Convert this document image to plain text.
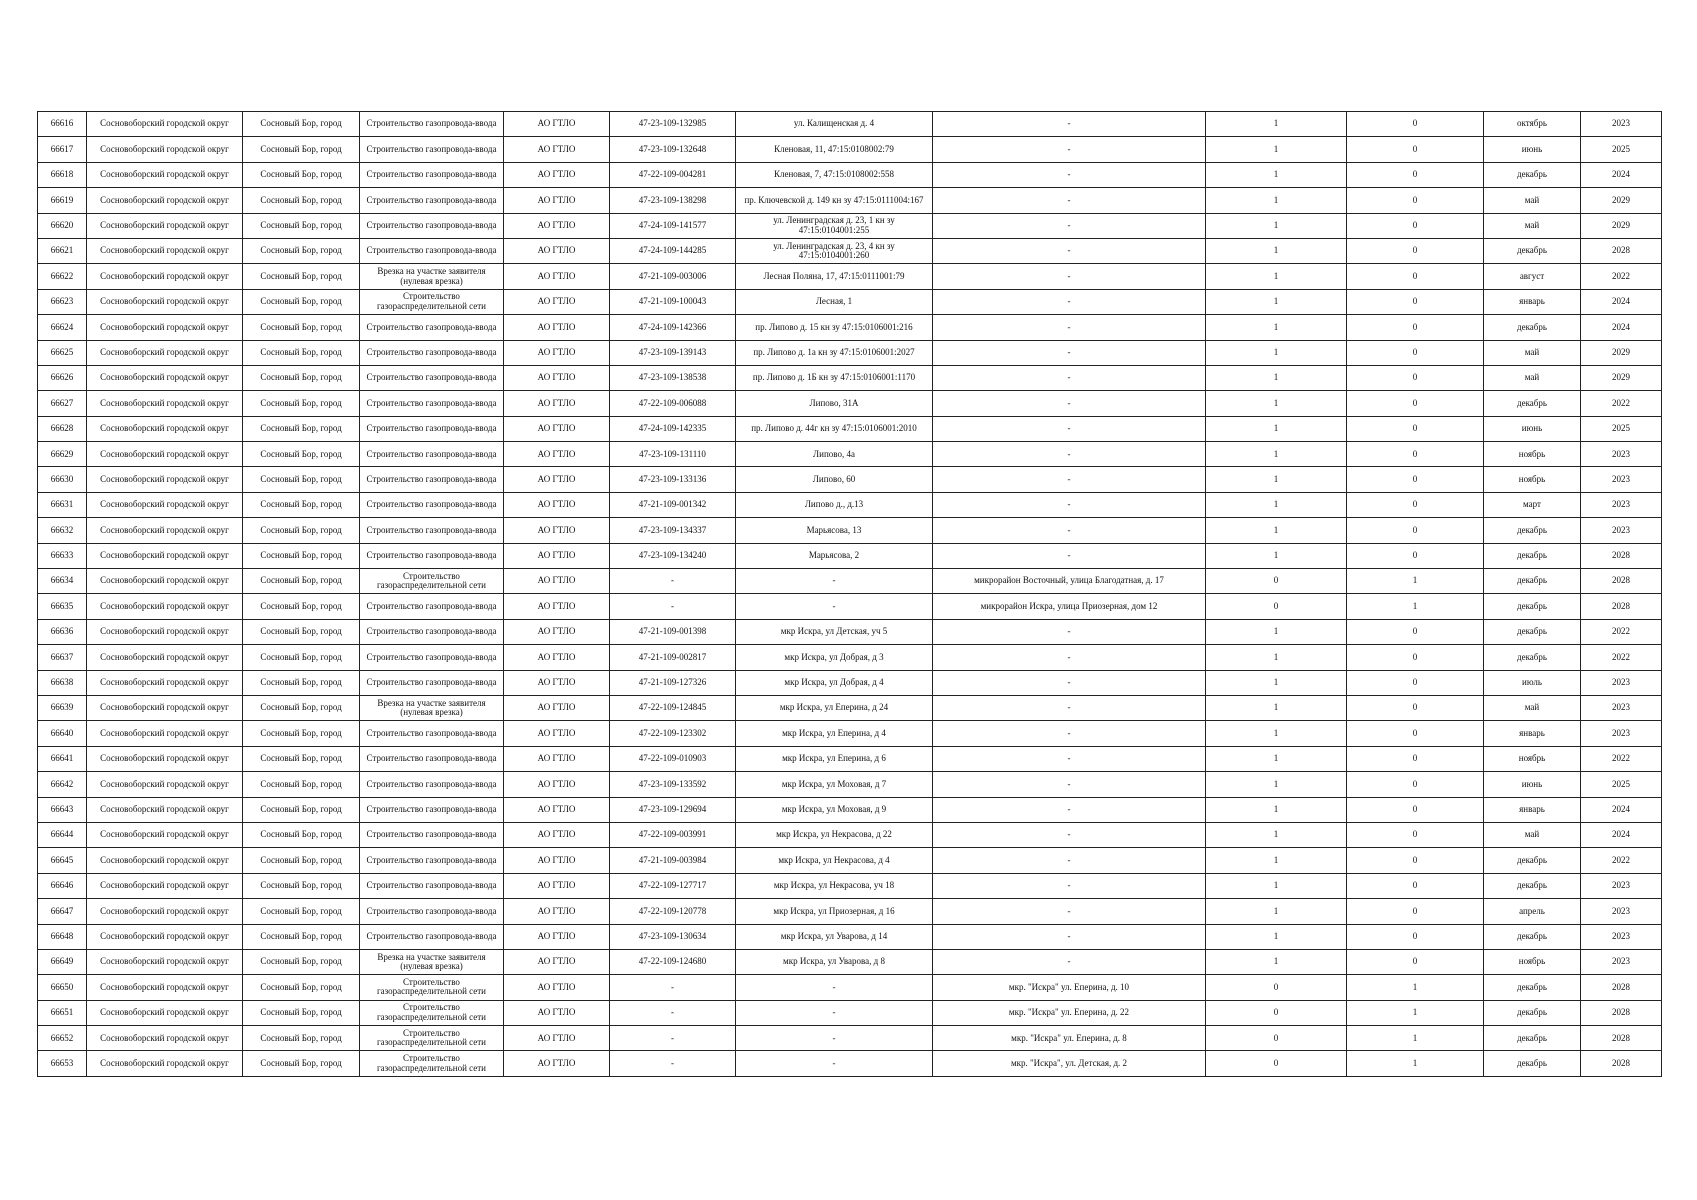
66616	Сосновоборский городской округ	Сосновый Бор, город	Строительство газопровода-ввода	АО ГТЛО	47-23-109-132985	ул. Калищенская д. 4	-	1	0	октябрь	2023
66617	Сосновоборский городской округ	Сосновый Бор, город	Строительство газопровода-ввода	АО ГТЛО	47-23-109-132648	Кленовая, 11, 47:15:0108002:79	-	1	0	июнь	2025
66618	Сосновоборский городской округ	Сосновый Бор, город	Строительство газопровода-ввода	АО ГТЛО	47-22-109-004281	Кленовая, 7, 47:15:0108002:558	-	1	0	декабрь	2024
66619	Сосновоборский городской округ	Сосновый Бор, город	Строительство газопровода-ввода	АО ГТЛО	47-23-109-138298	пр. Ключевской д. 149 кн зу 47:15:0111004:167	-	1	0	май	2029
66620	Сосновоборский городской округ	Сосновый Бор, город	Строительство газопровода-ввода	АО ГТЛО	47-24-109-141577	ул. Ленинградская д. 23, 1 кн зу 47:15:0104001:255	-	1	0	май	2029
66621	Сосновоборский городской округ	Сосновый Бор, город	Строительство газопровода-ввода	АО ГТЛО	47-24-109-144285	ул. Ленинградская д. 23, 4 кн зу 47:15:0104001:260	-	1	0	декабрь	2028
66622	Сосновоборский городской округ	Сосновый Бор, город	Врезка на участке заявителя (нулевая врезка)	АО ГТЛО	47-21-109-003006	Лесная Поляна, 17, 47:15:0111001:79	-	1	0	август	2022
66623	Сосновоборский городской округ	Сосновый Бор, город	Строительство газораспределительной сети	АО ГТЛО	47-21-109-100043	Лесная, 1	-	1	0	январь	2024
66624	Сосновоборский городской округ	Сосновый Бор, город	Строительство газопровода-ввода	АО ГТЛО	47-24-109-142366	пр. Липово д. 15 кн зу 47:15:0106001:216	-	1	0	декабрь	2024
66625	Сосновоборский городской округ	Сосновый Бор, город	Строительство газопровода-ввода	АО ГТЛО	47-23-109-139143	пр. Липово д. 1а кн зу 47:15:0106001:2027	-	1	0	май	2029
66626	Сосновоборский городской округ	Сосновый Бор, город	Строительство газопровода-ввода	АО ГТЛО	47-23-109-138538	пр. Липово д. 1Б кн зу 47:15:0106001:1170	-	1	0	май	2029
66627	Сосновоборский городской округ	Сосновый Бор, город	Строительство газопровода-ввода	АО ГТЛО	47-22-109-006088	Липово, 31А	-	1	0	декабрь	2022
66628	Сосновоборский городской округ	Сосновый Бор, город	Строительство газопровода-ввода	АО ГТЛО	47-24-109-142335	пр. Липово д. 44г кн зу 47:15:0106001:2010	-	1	0	июнь	2025
66629	Сосновоборский городской округ	Сосновый Бор, город	Строительство газопровода-ввода	АО ГТЛО	47-23-109-131110	Липово, 4а	-	1	0	ноябрь	2023
66630	Сосновоборский городской округ	Сосновый Бор, город	Строительство газопровода-ввода	АО ГТЛО	47-23-109-133136	Липово, 60	-	1	0	ноябрь	2023
66631	Сосновоборский городской округ	Сосновый Бор, город	Строительство газопровода-ввода	АО ГТЛО	47-21-109-001342	Липово д., д.13	-	1	0	март	2023
66632	Сосновоборский городской округ	Сосновый Бор, город	Строительство газопровода-ввода	АО ГТЛО	47-23-109-134337	Марьясова, 13	-	1	0	декабрь	2023
66633	Сосновоборский городской округ	Сосновый Бор, город	Строительство газопровода-ввода	АО ГТЛО	47-23-109-134240	Марьясова, 2	-	1	0	декабрь	2028
66634	Сосновоборский городской округ	Сосновый Бор, город	Строительство газораспределительной сети	АО ГТЛО	-	-	микрорайон Восточный, улица Благодатная, д. 17	0	1	декабрь	2028
66635	Сосновоборский городской округ	Сосновый Бор, город	Строительство газопровода-ввода	АО ГТЛО	-	-	микрорайон Искра, улица Приозерная, дом 12	0	1	декабрь	2028
66636	Сосновоборский городской округ	Сосновый Бор, город	Строительство газопровода-ввода	АО ГТЛО	47-21-109-001398	мкр Искра, ул Детская, уч 5	-	1	0	декабрь	2022
66637	Сосновоборский городской округ	Сосновый Бор, город	Строительство газопровода-ввода	АО ГТЛО	47-21-109-002817	мкр Искра, ул Добрая, д 3	-	1	0	декабрь	2022
66638	Сосновоборский городской округ	Сосновый Бор, город	Строительство газопровода-ввода	АО ГТЛО	47-21-109-127326	мкр Искра, ул Добрая, д 4	-	1	0	июль	2023
66639	Сосновоборский городской округ	Сосновый Бор, город	Врезка на участке заявителя (нулевая врезка)	АО ГТЛО	47-22-109-124845	мкр Искра, ул Еперина, д 24	-	1	0	май	2023
66640	Сосновоборский городской округ	Сосновый Бор, город	Строительство газопровода-ввода	АО ГТЛО	47-22-109-123302	мкр Искра, ул Еперина, д 4	-	1	0	январь	2023
66641	Сосновоборский городской округ	Сосновый Бор, город	Строительство газопровода-ввода	АО ГТЛО	47-22-109-010903	мкр Искра, ул Еперина, д 6	-	1	0	ноябрь	2022
66642	Сосновоборский городской округ	Сосновый Бор, город	Строительство газопровода-ввода	АО ГТЛО	47-23-109-133592	мкр Искра, ул Моховая, д 7	-	1	0	июнь	2025
66643	Сосновоборский городской округ	Сосновый Бор, город	Строительство газопровода-ввода	АО ГТЛО	47-23-109-129694	мкр Искра, ул Моховая, д 9	-	1	0	январь	2024
66644	Сосновоборский городской округ	Сосновый Бор, город	Строительство газопровода-ввода	АО ГТЛО	47-22-109-003991	мкр Искра, ул Некрасова, д 22	-	1	0	май	2024
66645	Сосновоборский городской округ	Сосновый Бор, город	Строительство газопровода-ввода	АО ГТЛО	47-21-109-003984	мкр Искра, ул Некрасова, д 4	-	1	0	декабрь	2022
66646	Сосновоборский городской округ	Сосновый Бор, город	Строительство газопровода-ввода	АО ГТЛО	47-22-109-127717	мкр Искра, ул Некрасова, уч 18	-	1	0	декабрь	2023
66647	Сосновоборский городской округ	Сосновый Бор, город	Строительство газопровода-ввода	АО ГТЛО	47-22-109-120778	мкр Искра, ул Приозерная, д 16	-	1	0	апрель	2023
66648	Сосновоборский городской округ	Сосновый Бор, город	Строительство газопровода-ввода	АО ГТЛО	47-23-109-130634	мкр Искра, ул Уварова, д 14	-	1	0	декабрь	2023
66649	Сосновоборский городской округ	Сосновый Бор, город	Врезка на участке заявителя (нулевая врезка)	АО ГТЛО	47-22-109-124680	мкр Искра, ул Уварова, д 8	-	1	0	ноябрь	2023
66650	Сосновоборский городской округ	Сосновый Бор, город	Строительство газораспределительной сети	АО ГТЛО	-	-	мкр. "Искра" ул. Еперина, д. 10	0	1	декабрь	2028
66651	Сосновоборский городской округ	Сосновый Бор, город	Строительство газораспределительной сети	АО ГТЛО	-	-	мкр. "Искра" ул. Еперина, д. 22	0	1	декабрь	2028
66652	Сосновоборский городской округ	Сосновый Бор, город	Строительство газораспределительной сети	АО ГТЛО	-	-	мкр. "Искра" ул. Еперина, д. 8	0	1	декабрь	2028
66653	Сосновоборский городской округ	Сосновый Бор, город	Строительство газораспределительной сети	АО ГТЛО	-	-	мкр. "Искра", ул. Детская, д. 2	0	1	декабрь	2028
